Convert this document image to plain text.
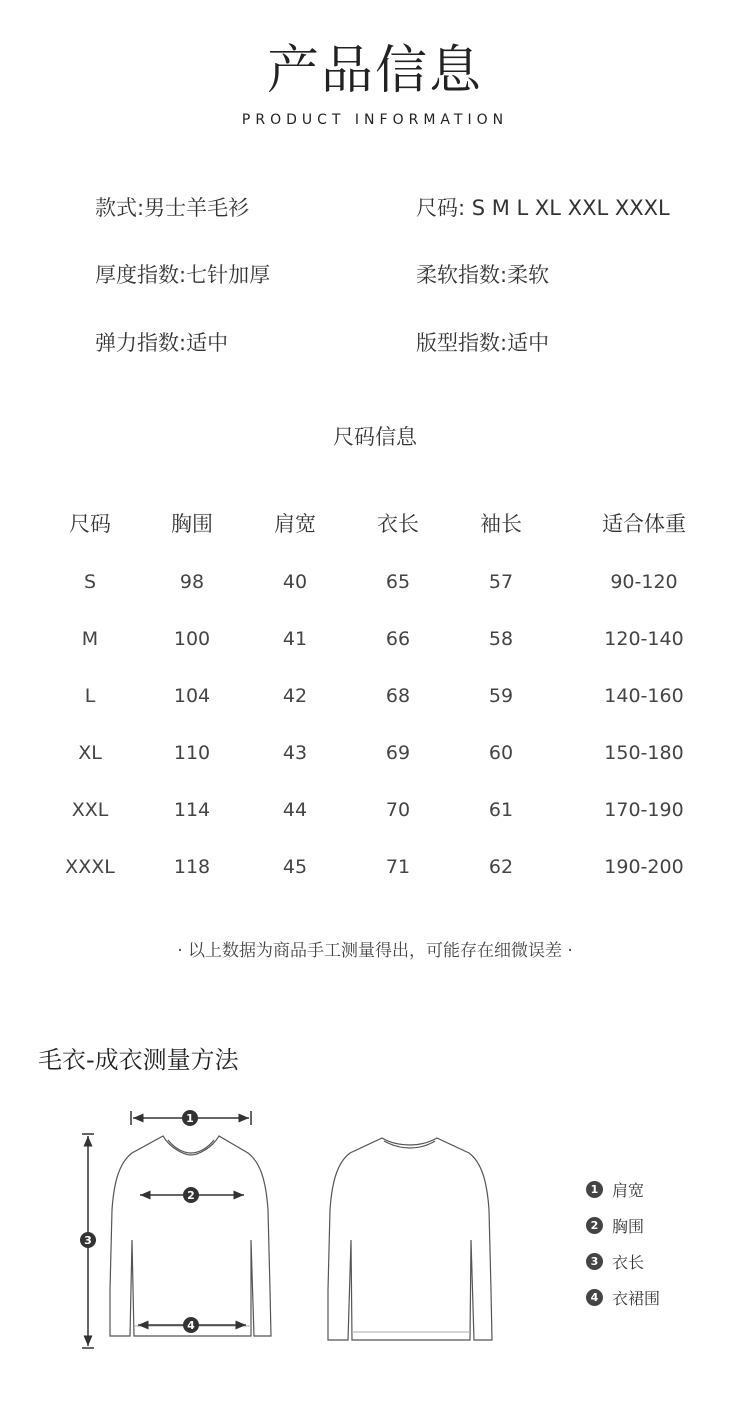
产品信息
PRODUCT INFORMATION
款式:男士羊毛衫	尺码: S M L XL XXL XXXL
厚度指数:七针加厚	柔软指数:柔软
弹力指数:适中	版型指数:适中
尺码信息
尺码	胸围	肩宽	衣长	袖长	适合体重
S	98	40	65	57	90-120
M	100	41	66	58	120-140
L	104	42	68	59	140-160
XL	110	43	69	60	150-180
XXL	114	44	70	61	170-190
XXXL	118	45	71	62	190-200
· 以上数据为商品手工测量得出，可能存在细微误差 ·
毛衣-成衣测量方法
1
2
3
4
1 肩宽
2 胸围
3 衣长
4 衣裙围
